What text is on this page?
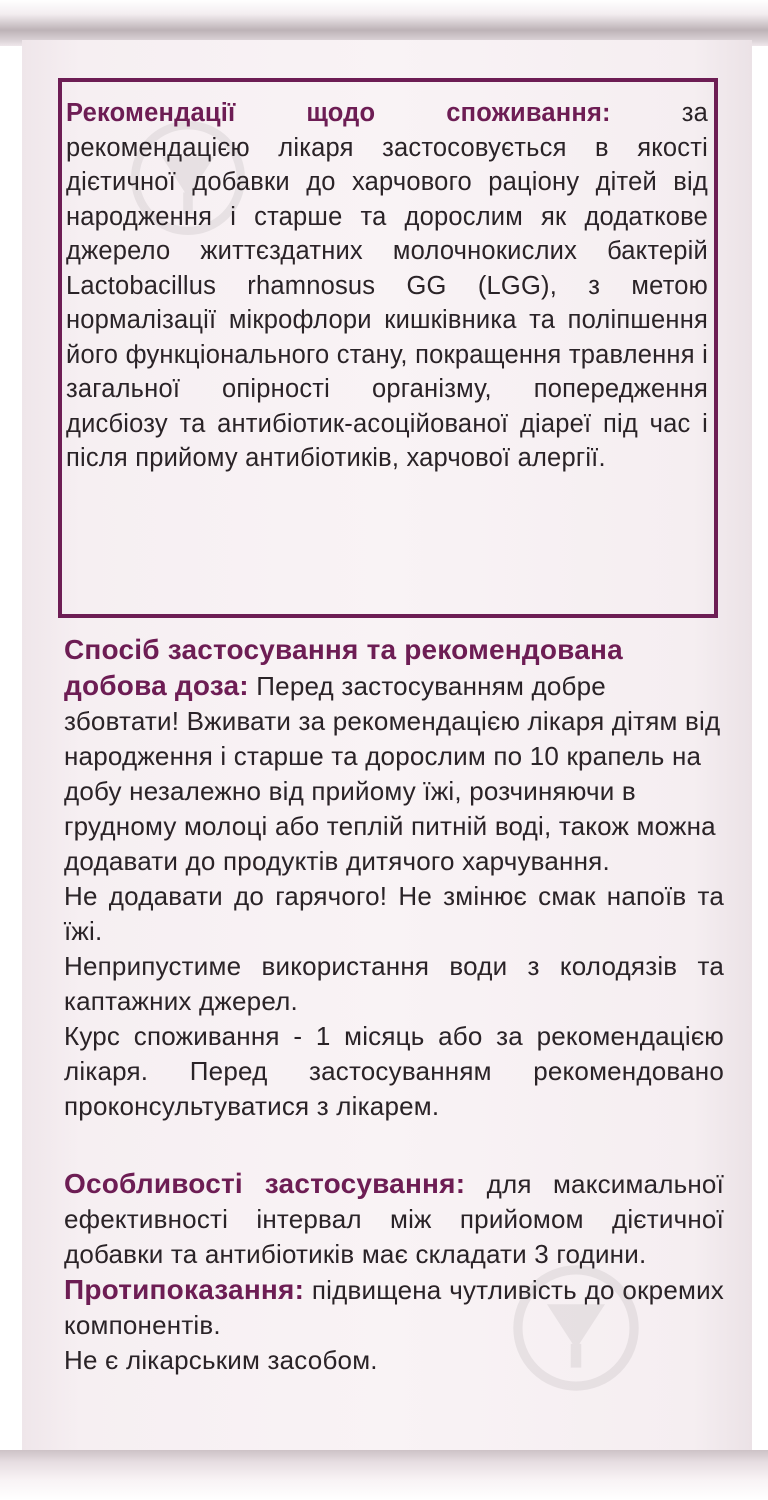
Рекомендації щодо споживання:	за рекомендацією лікаря застосовується в якості дієтичної добавки до харчового раціону дітей від народження і старше та дорослим як додаткове джерело життєздатних молочнокислих бактерій Lactobacillus rhamnosus GG (LGG), з метою нормалізації мікрофлори кишківника та поліпшення його функціонального стану, покращення травлення і загальної опірності організму, попередження дисбіозу та антибіотик-асоційованої діареї під час і після прийому антибіотиків, харчової алергії.

Спосіб застосування та рекомендована добова доза: Перед застосуванням добре збовтати! Вживати за рекомендацією лікаря дітям від народження і старше та дорослим по 10 крапель на добу незалежно від прийому їжі, розчиняючи в грудному молоці або теплій питній воді, також можна додавати до продуктів дитячого харчування.

Не додавати до гарячого! Не змінює смак напоїв та їжі.

Неприпустиме використання води з колодязів та каптажних джерел.

Курс споживання - 1 місяць або за рекомендацією лікаря. Перед застосуванням рекомендовано проконсультуватися з лікарем.

Особливості застосування: для максимальної ефективності інтервал між прийомом дієтичної добавки та антибіотиків має складати 3 години.

Протипоказання: підвищена чутливість до окремих компонентів.

Не є лікарським засобом.
